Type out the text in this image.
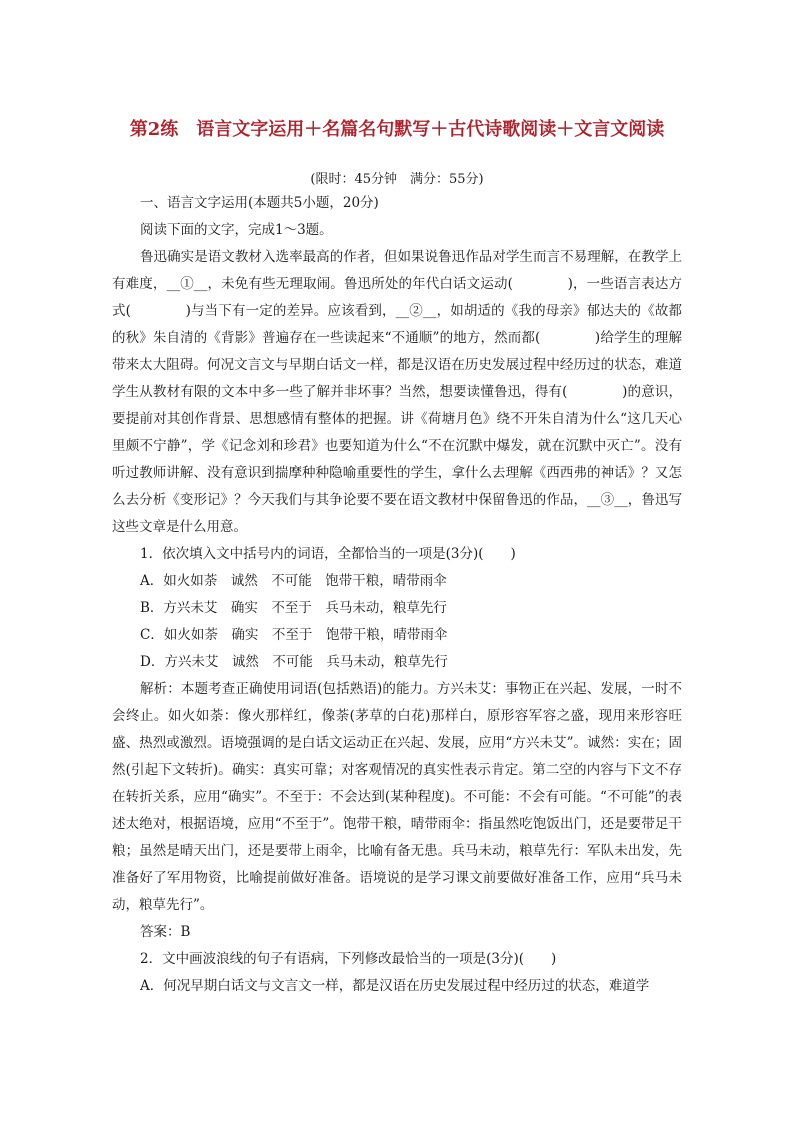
第2练　语言文字运用＋名篇名句默写＋古代诗歌阅读＋文言文阅读
(限时：45分钟　满分：55分)

一、语言文字运用(本题共5小题，20分)

阅读下面的文字，完成1～3题。

鲁迅确实是语文教材入选率最高的作者，但如果说鲁迅作品对学生而言不易理解，在教学上有难度，__①__，未免有些无理取闹。鲁迅所处的年代白话文运动(　　　　)，一些语言表达方式(　　　　)与当下有一定的差异。应该看到，__②__，如胡适的《我的母亲》郁达夫的《故都的秋》朱自清的《背影》普遍存在一些读起来“不通顺”的地方，然而都(　　　　)给学生的理解带来太大阻碍。何况文言文与早期白话文一样，都是汉语在历史发展过程中经历过的状态，难道学生从教材有限的文本中多一些了解并非坏事？当然，想要读懂鲁迅，得有(　　　　)的意识，要提前对其创作背景、思想感情有整体的把握。讲《荷塘月色》绕不开朱自清为什么“这几天心里颇不宁静”，学《记念刘和珍君》也要知道为什么“不在沉默中爆发，就在沉默中灭亡”。没有听过教师讲解、没有意识到揣摩种种隐喻重要性的学生，拿什么去理解《西西弗的神话》？又怎么去分析《变形记》？今天我们与其争论要不要在语文教材中保留鲁迅的作品，__③__，鲁迅写这些文章是什么用意。

1．依次填入文中括号内的词语，全都恰当的一项是(3分)(　　)

A．如火如荼　诚然　不可能　饱带干粮，晴带雨伞

B．方兴未艾　确实　不至于　兵马未动，粮草先行

C．如火如荼　确实　不至于　饱带干粮，晴带雨伞

D．方兴未艾　诚然　不可能　兵马未动，粮草先行

解析：本题考查正确使用词语(包括熟语)的能力。方兴未艾：事物正在兴起、发展，一时不会终止。如火如荼：像火那样红，像荼(茅草的白花)那样白，原形容军容之盛，现用来形容旺盛、热烈或激烈。语境强调的是白话文运动正在兴起、发展，应用“方兴未艾”。诚然：实在；固然(引起下文转折)。确实：真实可靠；对客观情况的真实性表示肯定。第二空的内容与下文不存在转折关系，应用“确实”。不至于：不会达到(某种程度)。不可能：不会有可能。“不可能”的表述太绝对，根据语境，应用“不至于”。饱带干粮，晴带雨伞：指虽然吃饱饭出门，还是要带足干粮；虽然是晴天出门，还是要带上雨伞，比喻有备无患。兵马未动，粮草先行：军队未出发，先准备好了军用物资，比喻提前做好准备。语境说的是学习课文前要做好准备工作，应用“兵马未动，粮草先行”。

答案：B

2．文中画波浪线的句子有语病，下列修改最恰当的一项是(3分)(　　)

A．何况早期白话文与文言文一样，都是汉语在历史发展过程中经历过的状态，难道学
